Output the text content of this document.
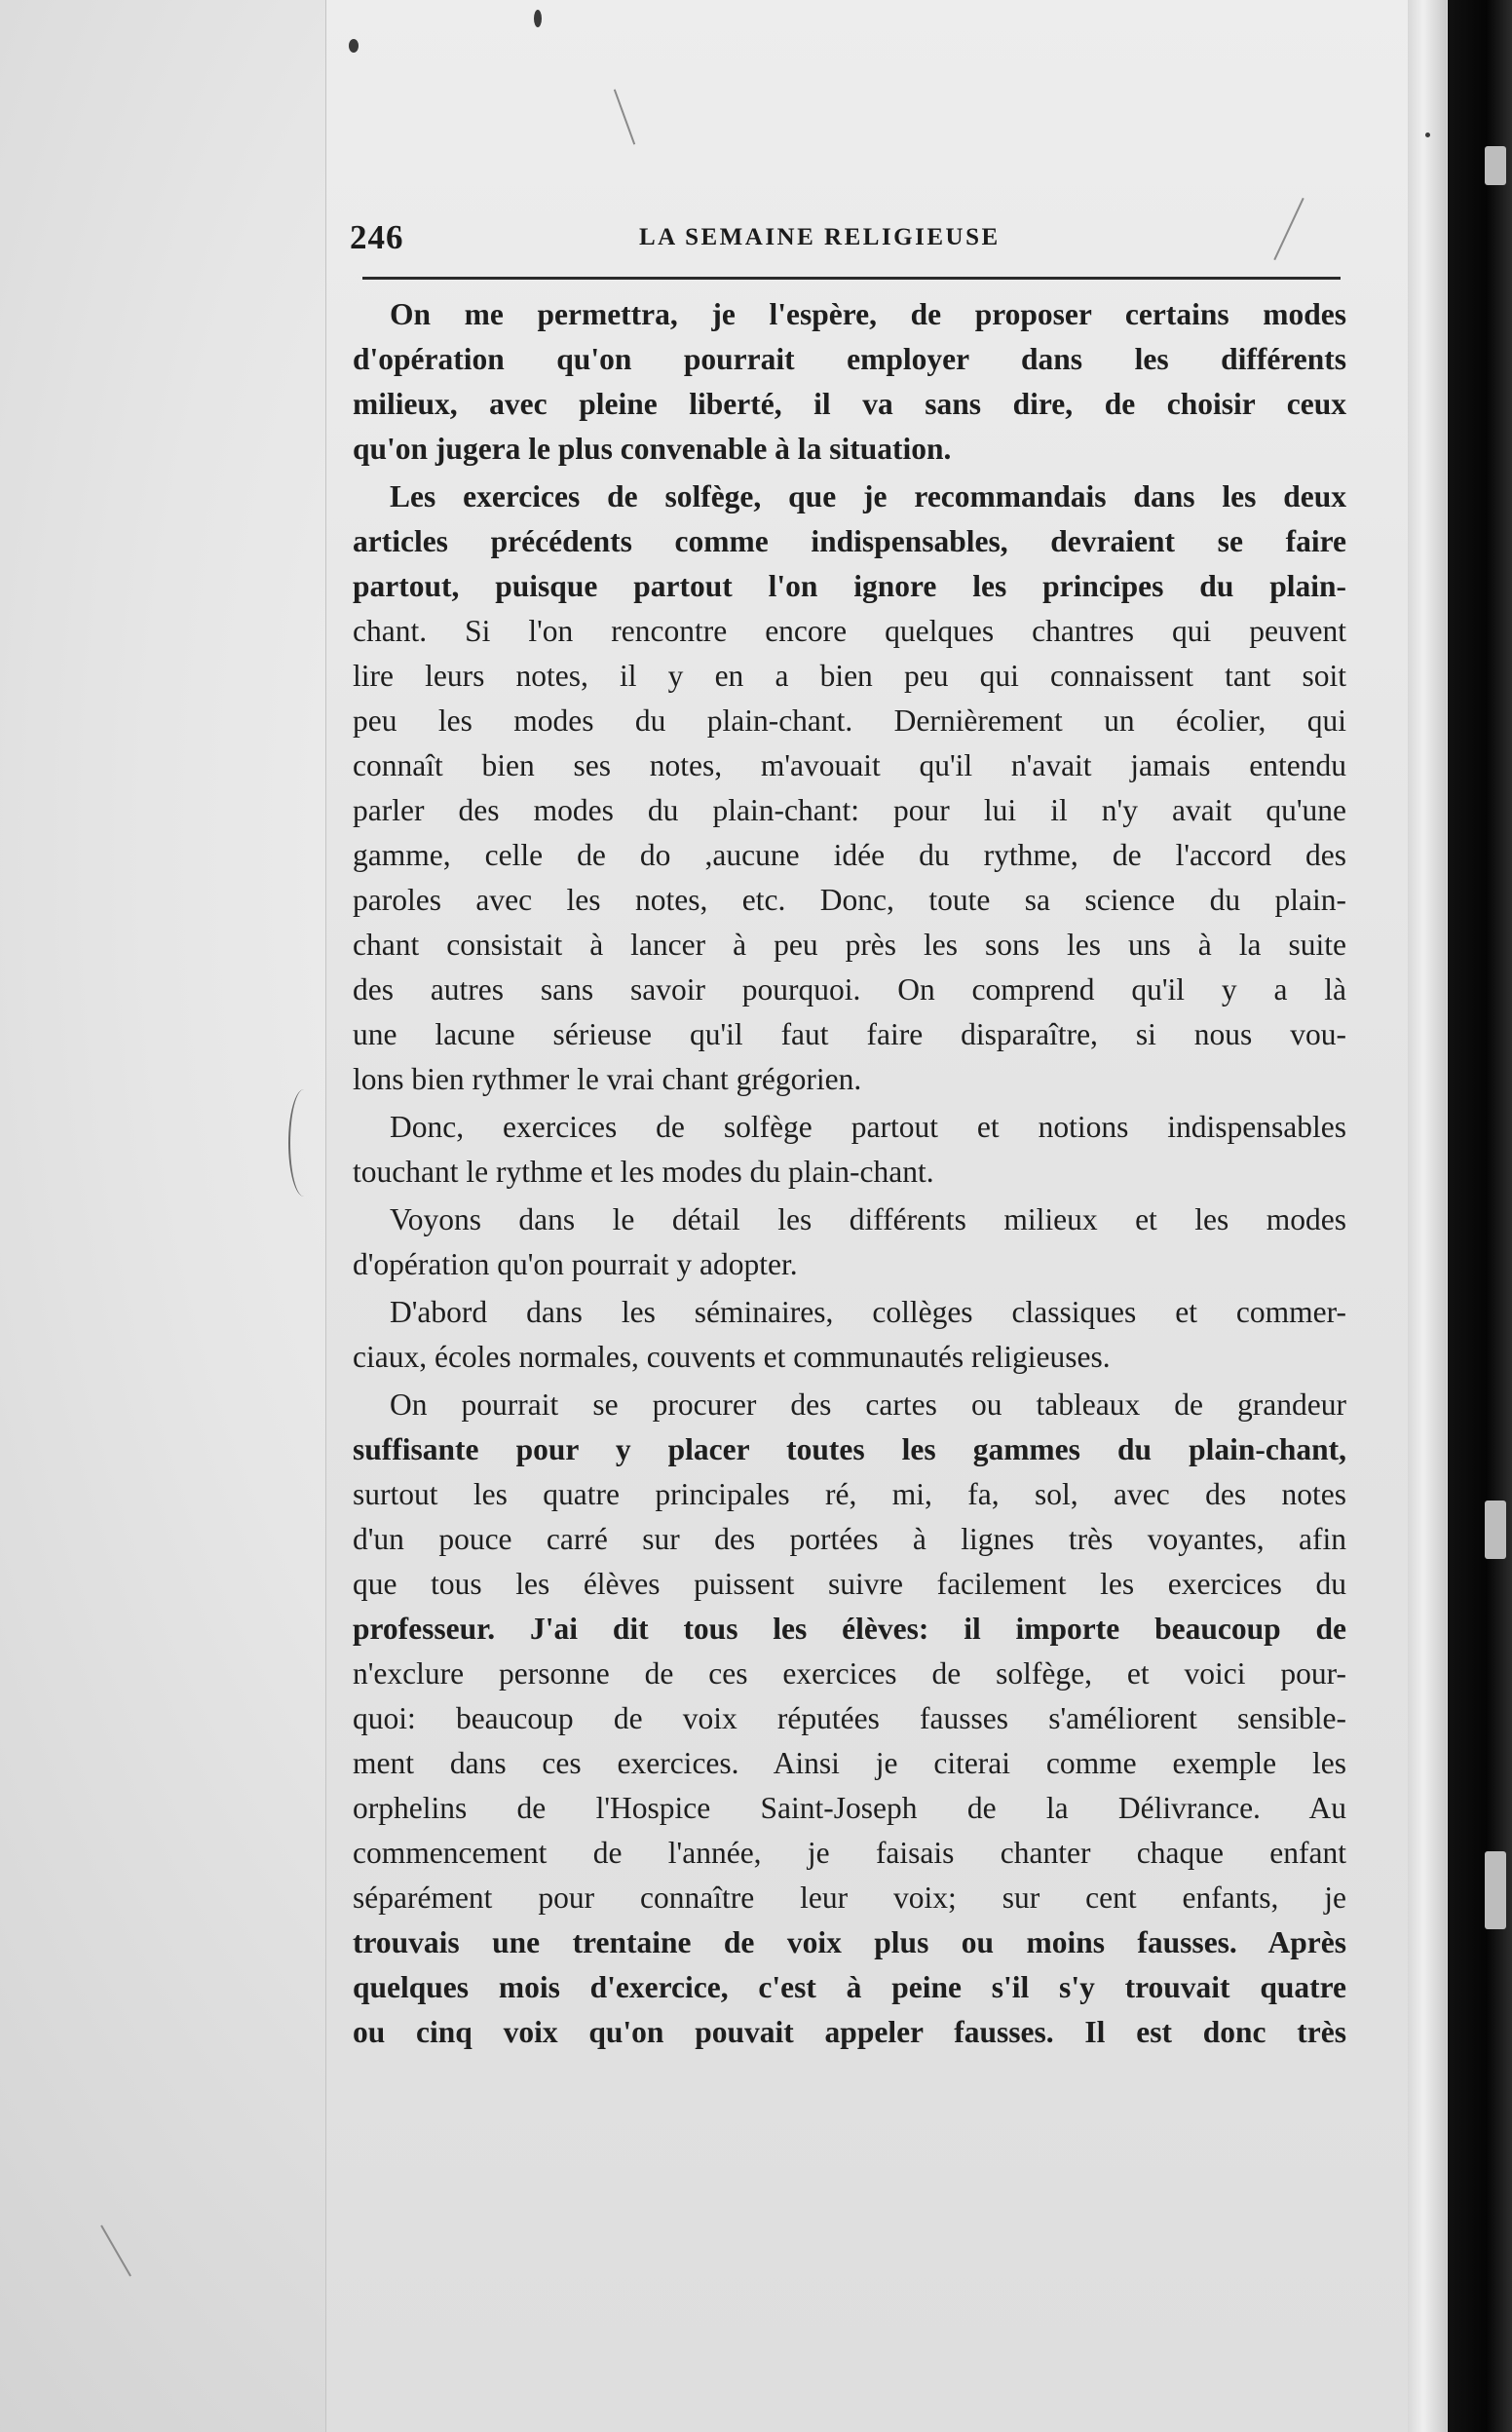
246	LA SEMAINE RELIGIEUSE
On me permettra, je l'espère, de proposer certains modes
d'opération qu'on pourrait employer dans les différents
milieux, avec pleine liberté, il va sans dire, de choisir ceux
qu'on jugera le plus convenable à la situation.
Les exercices de solfège, que je recommandais dans les deux
articles précédents comme indispensables, devraient se faire
partout, puisque partout l'on ignore les principes du plain-
chant. Si l'on rencontre encore quelques chantres qui peuvent
lire leurs notes, il y en a bien peu qui connaissent tant soit
peu les modes du plain-chant. Dernièrement un écolier, qui
connaît bien ses notes, m'avouait qu'il n'avait jamais entendu
parler des modes du plain-chant: pour lui il n'y avait qu'une
gamme, celle de do ,aucune idée du rythme, de l'accord des
paroles avec les notes, etc. Donc, toute sa science du plain-
chant consistait à lancer à peu près les sons les uns à la suite
des autres sans savoir pourquoi. On comprend qu'il y a là
une lacune sérieuse qu'il faut faire disparaître, si nous vou-
lons bien rythmer le vrai chant grégorien.
Donc, exercices de solfège partout et notions indispensables
touchant le rythme et les modes du plain-chant.
Voyons dans le détail les différents milieux et les modes
d'opération qu'on pourrait y adopter.
D'abord dans les séminaires, collèges classiques et commer-
ciaux, écoles normales, couvents et communautés religieuses.
On pourrait se procurer des cartes ou tableaux de grandeur
suffisante pour y placer toutes les gammes du plain-chant,
surtout les quatre principales ré, mi, fa, sol, avec des notes
d'un pouce carré sur des portées à lignes très voyantes, afin
que tous les élèves puissent suivre facilement les exercices du
professeur. J'ai dit tous les élèves: il importe beaucoup de
n'exclure personne de ces exercices de solfège, et voici pour-
quoi: beaucoup de voix réputées fausses s'améliorent sensible-
ment dans ces exercices. Ainsi je citerai comme exemple les
orphelins de l'Hospice Saint-Joseph de la Délivrance. Au
commencement de l'année, je faisais chanter chaque enfant
séparément pour connaître leur voix; sur cent enfants, je
trouvais une trentaine de voix plus ou moins fausses. Après
quelques mois d'exercice, c'est à peine s'il s'y trouvait quatre
ou cinq voix qu'on pouvait appeler fausses. Il est donc très
